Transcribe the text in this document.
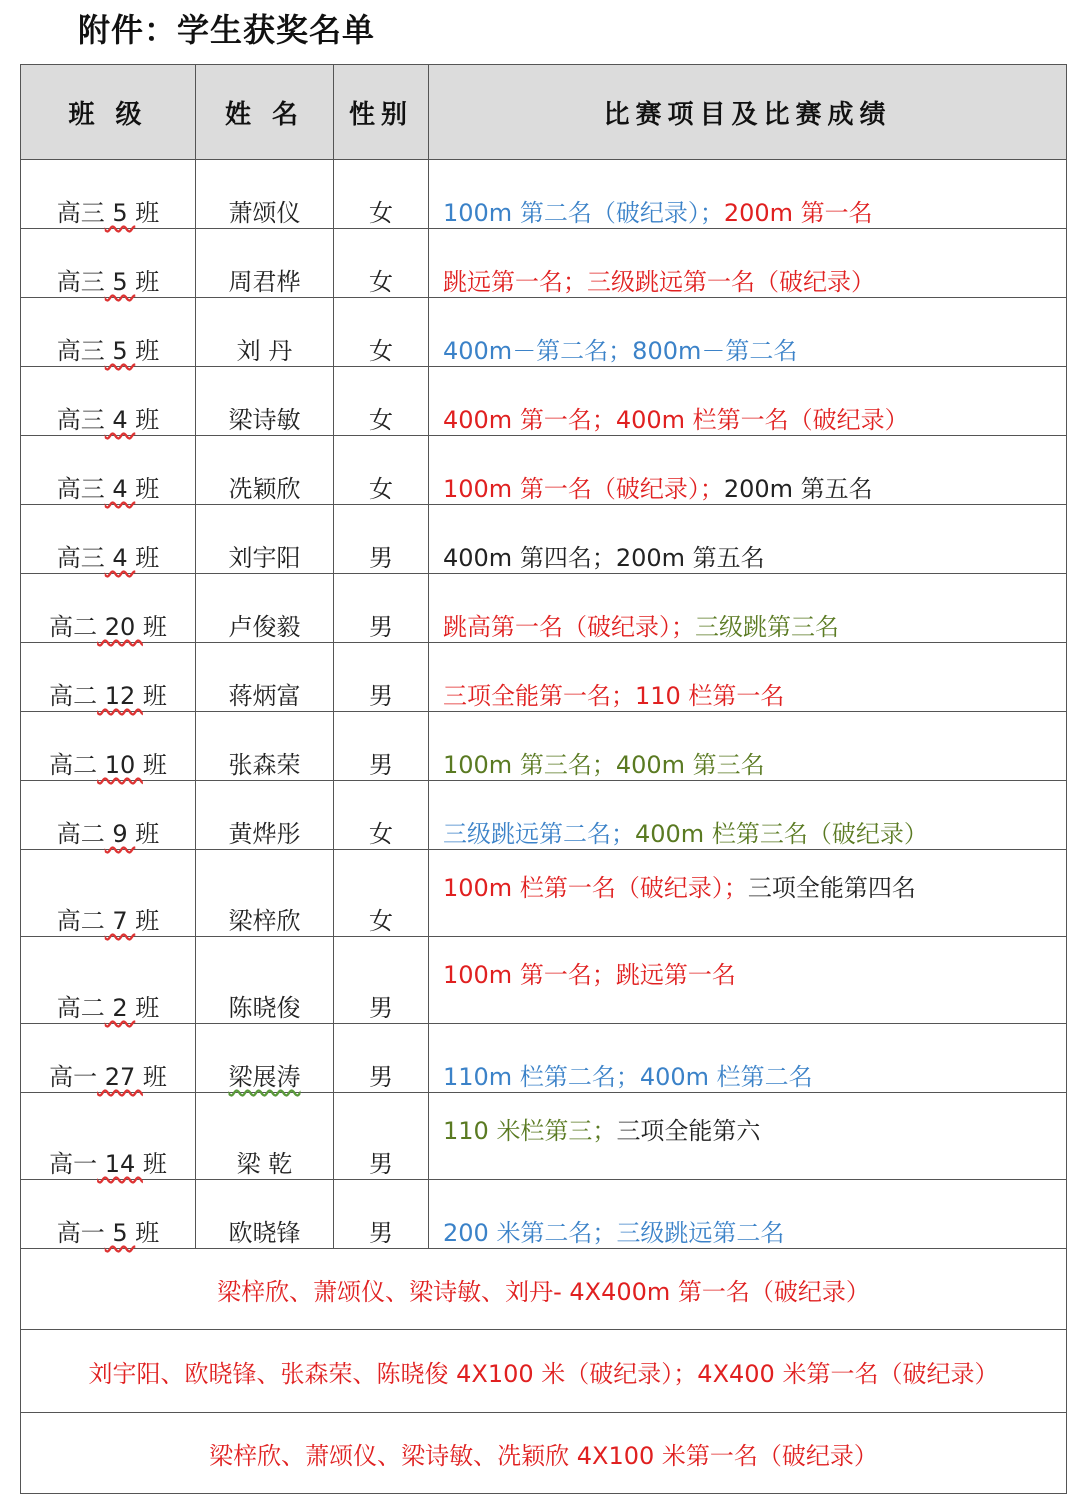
附件：学生获奖名单
班 级	姓 名	性别	比赛项目及比赛成绩
高三 5 班	萧颂仪	女	100m 第二名（破纪录）；200m 第一名
高三 5 班	周君桦	女	跳远第一名；三级跳远第一名（破纪录）
高三 5 班	刘 丹	女	400m－第二名；800m－第二名
高三 4 班	梁诗敏	女	400m 第一名；400m 栏第一名（破纪录）
高三 4 班	冼颖欣	女	100m 第一名（破纪录）；200m 第五名
高三 4 班	刘宇阳	男	400m 第四名；200m 第五名
高二 20 班	卢俊毅	男	跳高第一名（破纪录）；三级跳第三名
高二 12 班	蒋炳富	男	三项全能第一名；110 栏第一名
高二 10 班	张森荣	男	100m 第三名；400m 第三名
高二 9 班	黄烨彤	女	三级跳远第二名；400m 栏第三名（破纪录）
高二 7 班	梁梓欣	女	100m 栏第一名（破纪录）；三项全能第四名
高二 2 班	陈晓俊	男	100m 第一名；跳远第一名
高一 27 班	梁展涛	男	110m 栏第二名；400m 栏第二名
高一 14 班	梁 乾	男	110 米栏第三；三项全能第六
高一 5 班	欧晓锋	男	200 米第二名；三级跳远第二名
梁梓欣、萧颂仪、梁诗敏、刘丹- 4X400m 第一名（破纪录）			
刘宇阳、欧晓锋、张森荣、陈晓俊 4X100 米（破纪录）；4X400 米第一名（破纪录）			
梁梓欣、萧颂仪、梁诗敏、冼颖欣 4X100 米第一名（破纪录）			
